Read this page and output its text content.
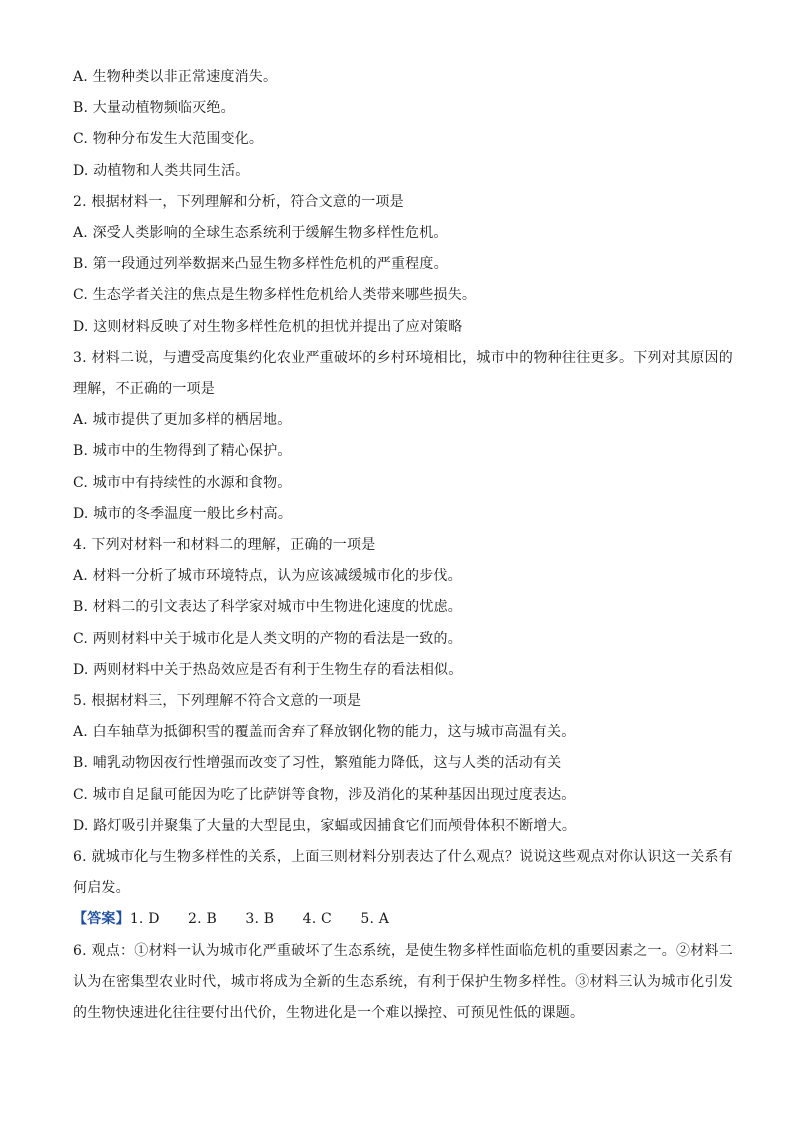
A. 生物种类以非正常速度消失。
B. 大量动植物频临灭绝。
C. 物种分布发生大范围变化。
D. 动植物和人类共同生活。
2. 根据材料一，下列理解和分析，符合文意的一项是
A. 深受人类影响的全球生态系统利于缓解生物多样性危机。
B. 第一段通过列举数据来凸显生物多样性危机的严重程度。
C. 生态学者关注的焦点是生物多样性危机给人类带来哪些损失。
D. 这则材料反映了对生物多样性危机的担忧并提出了应对策略
3. 材料二说，与遭受高度集约化农业严重破坏的乡村环境相比，城市中的物种往往更多。下列对其原因的理解，不正确的一项是
A. 城市提供了更加多样的栖居地。
B. 城市中的生物得到了精心保护。
C. 城市中有持续性的水源和食物。
D. 城市的冬季温度一般比乡村高。
4. 下列对材料一和材料二的理解，正确的一项是
A. 材料一分析了城市环境特点，认为应该减缓城市化的步伐。
B. 材料二的引文表达了科学家对城市中生物进化速度的忧虑。
C. 两则材料中关于城市化是人类文明的产物的看法是一致的。
D. 两则材料中关于热岛效应是否有利于生物生存的看法相似。
5. 根据材料三，下列理解不符合文意的一项是
A. 白车轴草为抵御积雪的覆盖而舍弃了释放钢化物的能力，这与城市高温有关。
B. 哺乳动物因夜行性增强而改变了习性，繁殖能力降低，这与人类的活动有关
C. 城市自足鼠可能因为吃了比萨饼等食物，涉及消化的某种基因出现过度表达。
D. 路灯吸引并聚集了大量的大型昆虫，家蝠或因捕食它们而颅骨体积不断增大。
6. 就城市化与生物多样性的关系，上面三则材料分别表达了什么观点？说说这些观点对你认识这一关系有何启发。
【答案】1. D　　2. B　　3. B　　4. C　　5. A
6. 观点：①材料一认为城市化严重破坏了生态系统，是使生物多样性面临危机的重要因素之一。②材料二认为在密集型农业时代，城市将成为全新的生态系统，有利于保护生物多样性。③材料三认为城市化引发的生物快速进化往往要付出代价，生物进化是一个难以操控、可预见性低的课题。
